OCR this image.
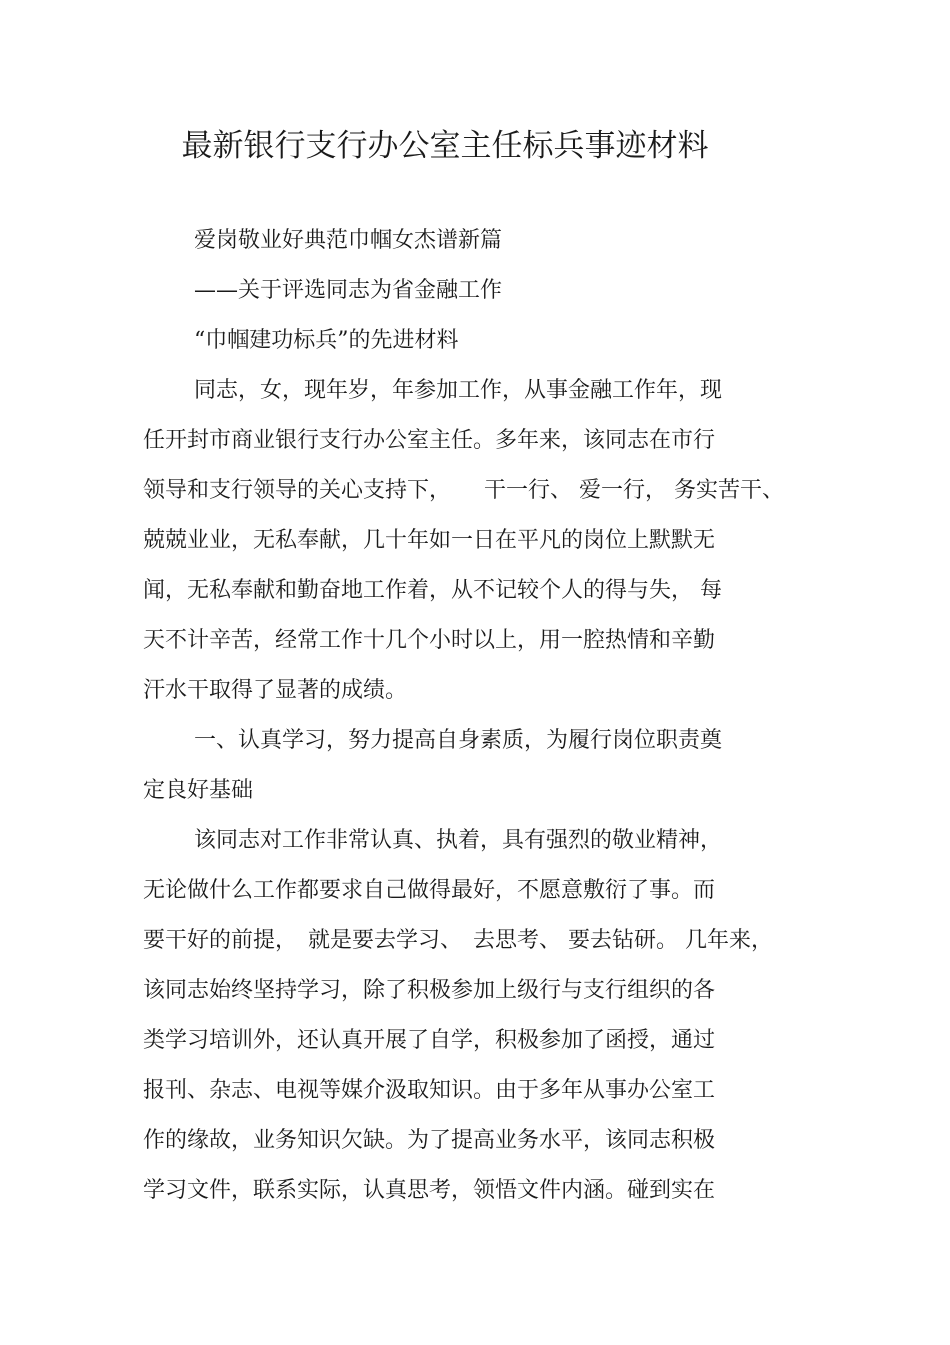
最新银行支行办公室主任标兵事迹材料
爱岗敬业好典范巾帼女杰谱新篇
——关于评选同志为省金融工作
“巾帼建功标兵”的先进材料
同志，女，现年岁，年参加工作，从事金融工作年，现
任开封市商业银行支行办公室主任。多年来，该同志在市行
领导和支行领导的关心支持下，　　干一行、 爱一行， 务实苦干、
兢兢业业，无私奉献，几十年如一日在平凡的岗位上默默无
闻，无私奉献和勤奋地工作着，从不记较个人的得与失， 每
天不计辛苦，经常工作十几个小时以上，用一腔热情和辛勤
汗水干取得了显著的成绩。
一、认真学习，努力提高自身素质，为履行岗位职责奠
定良好基础
该同志对工作非常认真、执着，具有强烈的敬业精神，
无论做什么工作都要求自己做得最好，不愿意敷衍了事。而
要干好的前提，　就是要去学习、　去思考、 要去钻研。 几年来，
该同志始终坚持学习，除了积极参加上级行与支行组织的各
类学习培训外，还认真开展了自学，积极参加了函授，通过
报刊、杂志、电视等媒介汲取知识。由于多年从事办公室工
作的缘故，业务知识欠缺。为了提高业务水平，该同志积极
学习文件，联系实际，认真思考，领悟文件内涵。碰到实在
